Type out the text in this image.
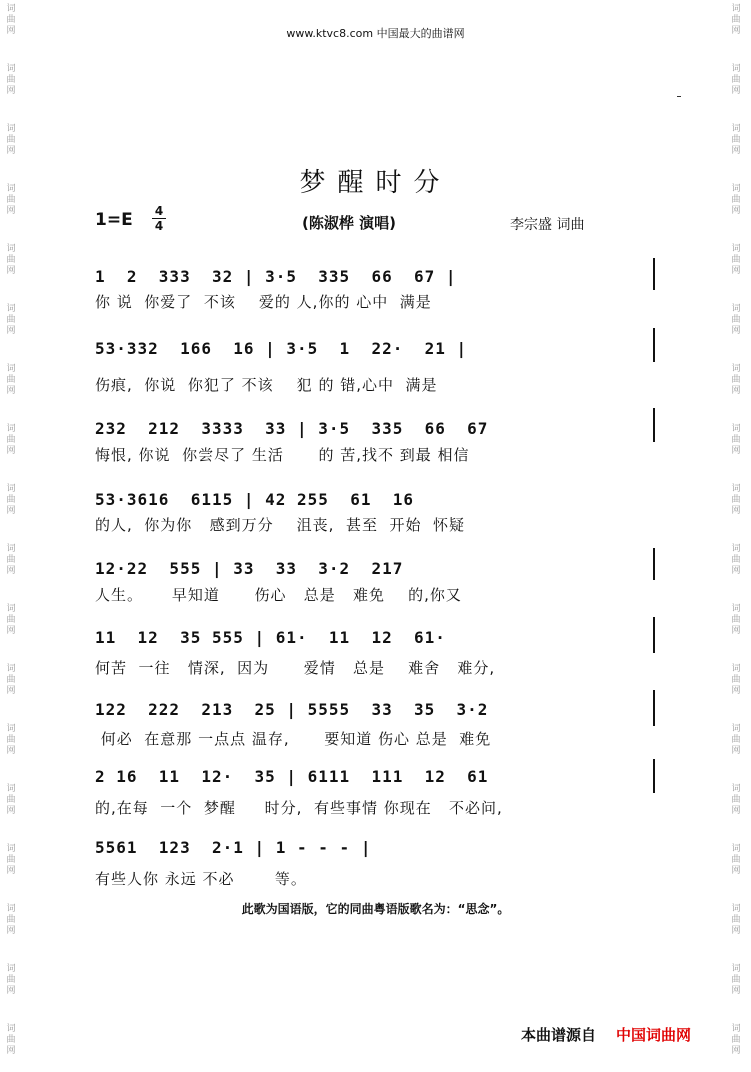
词
曲
网
词
曲
网
词
曲
网
词
曲
网
词
曲
网
词
曲
网
词
曲
网
词
曲
网
词
曲
网
词
曲
网
词
曲
网
词
曲
网
词
曲
网
词
曲
网
词
曲
网
词
曲
网
词
曲
网
词
曲
网
词
曲
网
词
曲
网
词
曲
网
词
曲
网
词
曲
网
词
曲
网
词
曲
网
词
曲
网
词
曲
网
词
曲
网
词
曲
网
词
曲
网
词
曲
网
词
曲
网
词
曲
网
词
曲
网
词
曲
网
词
曲
网
www.ktvc8.com 中国最大的曲谱网
梦醒时分
1=E 4
4	(陈淑桦 演唱)	李宗盛 词曲
1  2  333  32 | 3·5  335  66  67 |
你 说  你爱了  不该    爱的 人,你的 心中  满是
53·332  166  16 | 3·5  1  22·  21 |
伤痕,  你说  你犯了 不该    犯 的 错,心中  满是
232  212  3333  33 | 3·5  335  66  67
悔恨, 你说  你尝尽了 生活      的 苦,找不 到最 相信
53·3616  6115 | 42 255  61  16
的人,  你为你   感到万分    沮丧,  甚至  开始  怀疑
12·22  555 | 33  33  3·2  217
人生。     早知道      伤心   总是   难免    的,你又
11  12  35 555 | 61·  11  12  61·
何苦  一往   情深,  因为      爱情   总是    难舍   难分,
122  222  213  25 | 5555  33  35  3·2
何必  在意那 一点点 温存,      要知道 伤心 总是  难免
2 16  11  12·  35 | 6111  111  12  61
的,在每  一个  梦醒     时分,  有些事情 你现在   不必问,
5561  123  2·1 | 1 - - - |
有些人你 永远 不必       等。
此歌为国语版，它的同曲粤语版歌名为：“思念”。
本曲谱源自 中国词曲网
